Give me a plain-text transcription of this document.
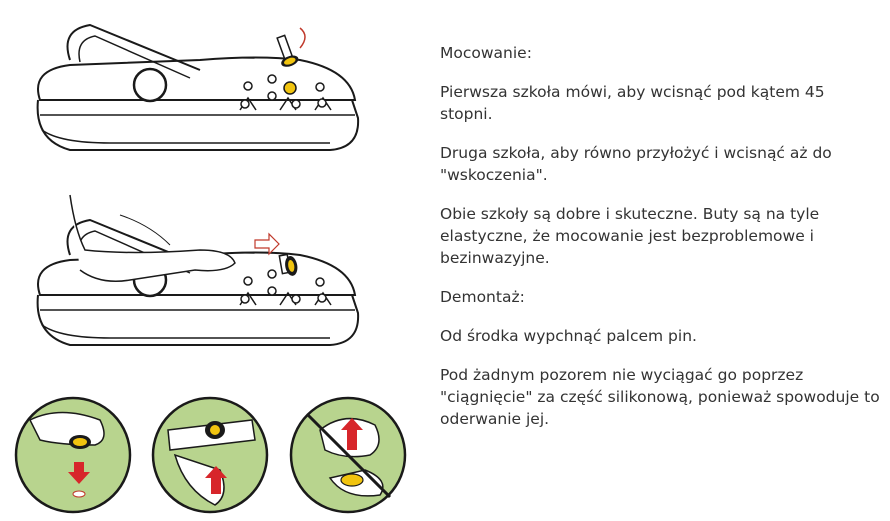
Mocowanie:

Pierwsza szkoła mówi, aby wcisnąć pod kątem 45 stopni.

Druga szkoła, aby równo przyłożyć i wcisnąć aż do "wskoczenia".

Obie szkoły są dobre i skuteczne. Buty są na tyle elastyczne, że mocowanie jest bezproblemowe i bezinwazyjne.

Demontaż:

Od środka wypchnąć palcem pin.

Pod żadnym pozorem nie wyciągać go poprzez "ciągnięcie" za część silikonową, ponieważ spowoduje to oderwanie jej.
